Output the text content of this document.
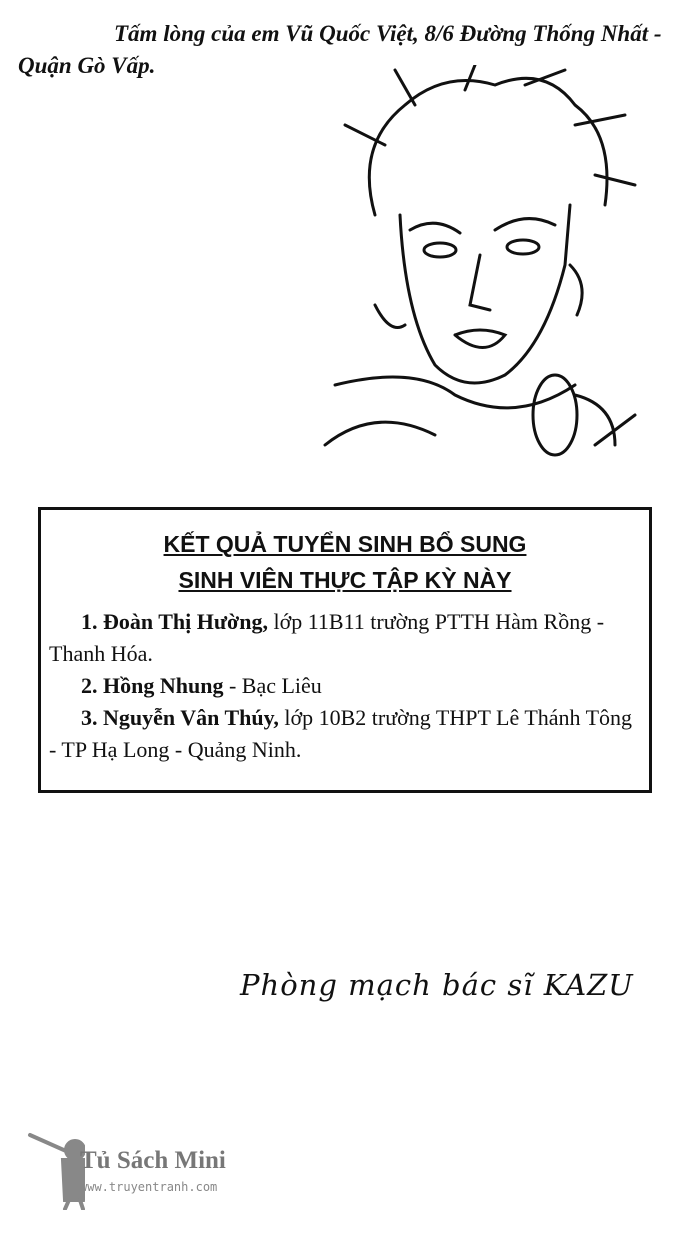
Tấm lòng của em Vũ Quốc Việt, 8/6 Đường Thống Nhất - Quận Gò Vấp.
KẾT QUẢ TUYỂN SINH BỔ SUNG
SINH VIÊN THỰC TẬP KỲ NÀY

1. Đoàn Thị Hường, lớp 11B11 trường PTTH Hàm Rồng - Thanh Hóa.

2. Hồng Nhung - Bạc Liêu

3. Nguyễn Vân Thúy, lớp 10B2 trường THPT Lê Thánh Tông - TP Hạ Long - Quảng Ninh.

Phòng mạch bác sĩ KAZU
Tủ Sách Mini
www.truyentranh.com
